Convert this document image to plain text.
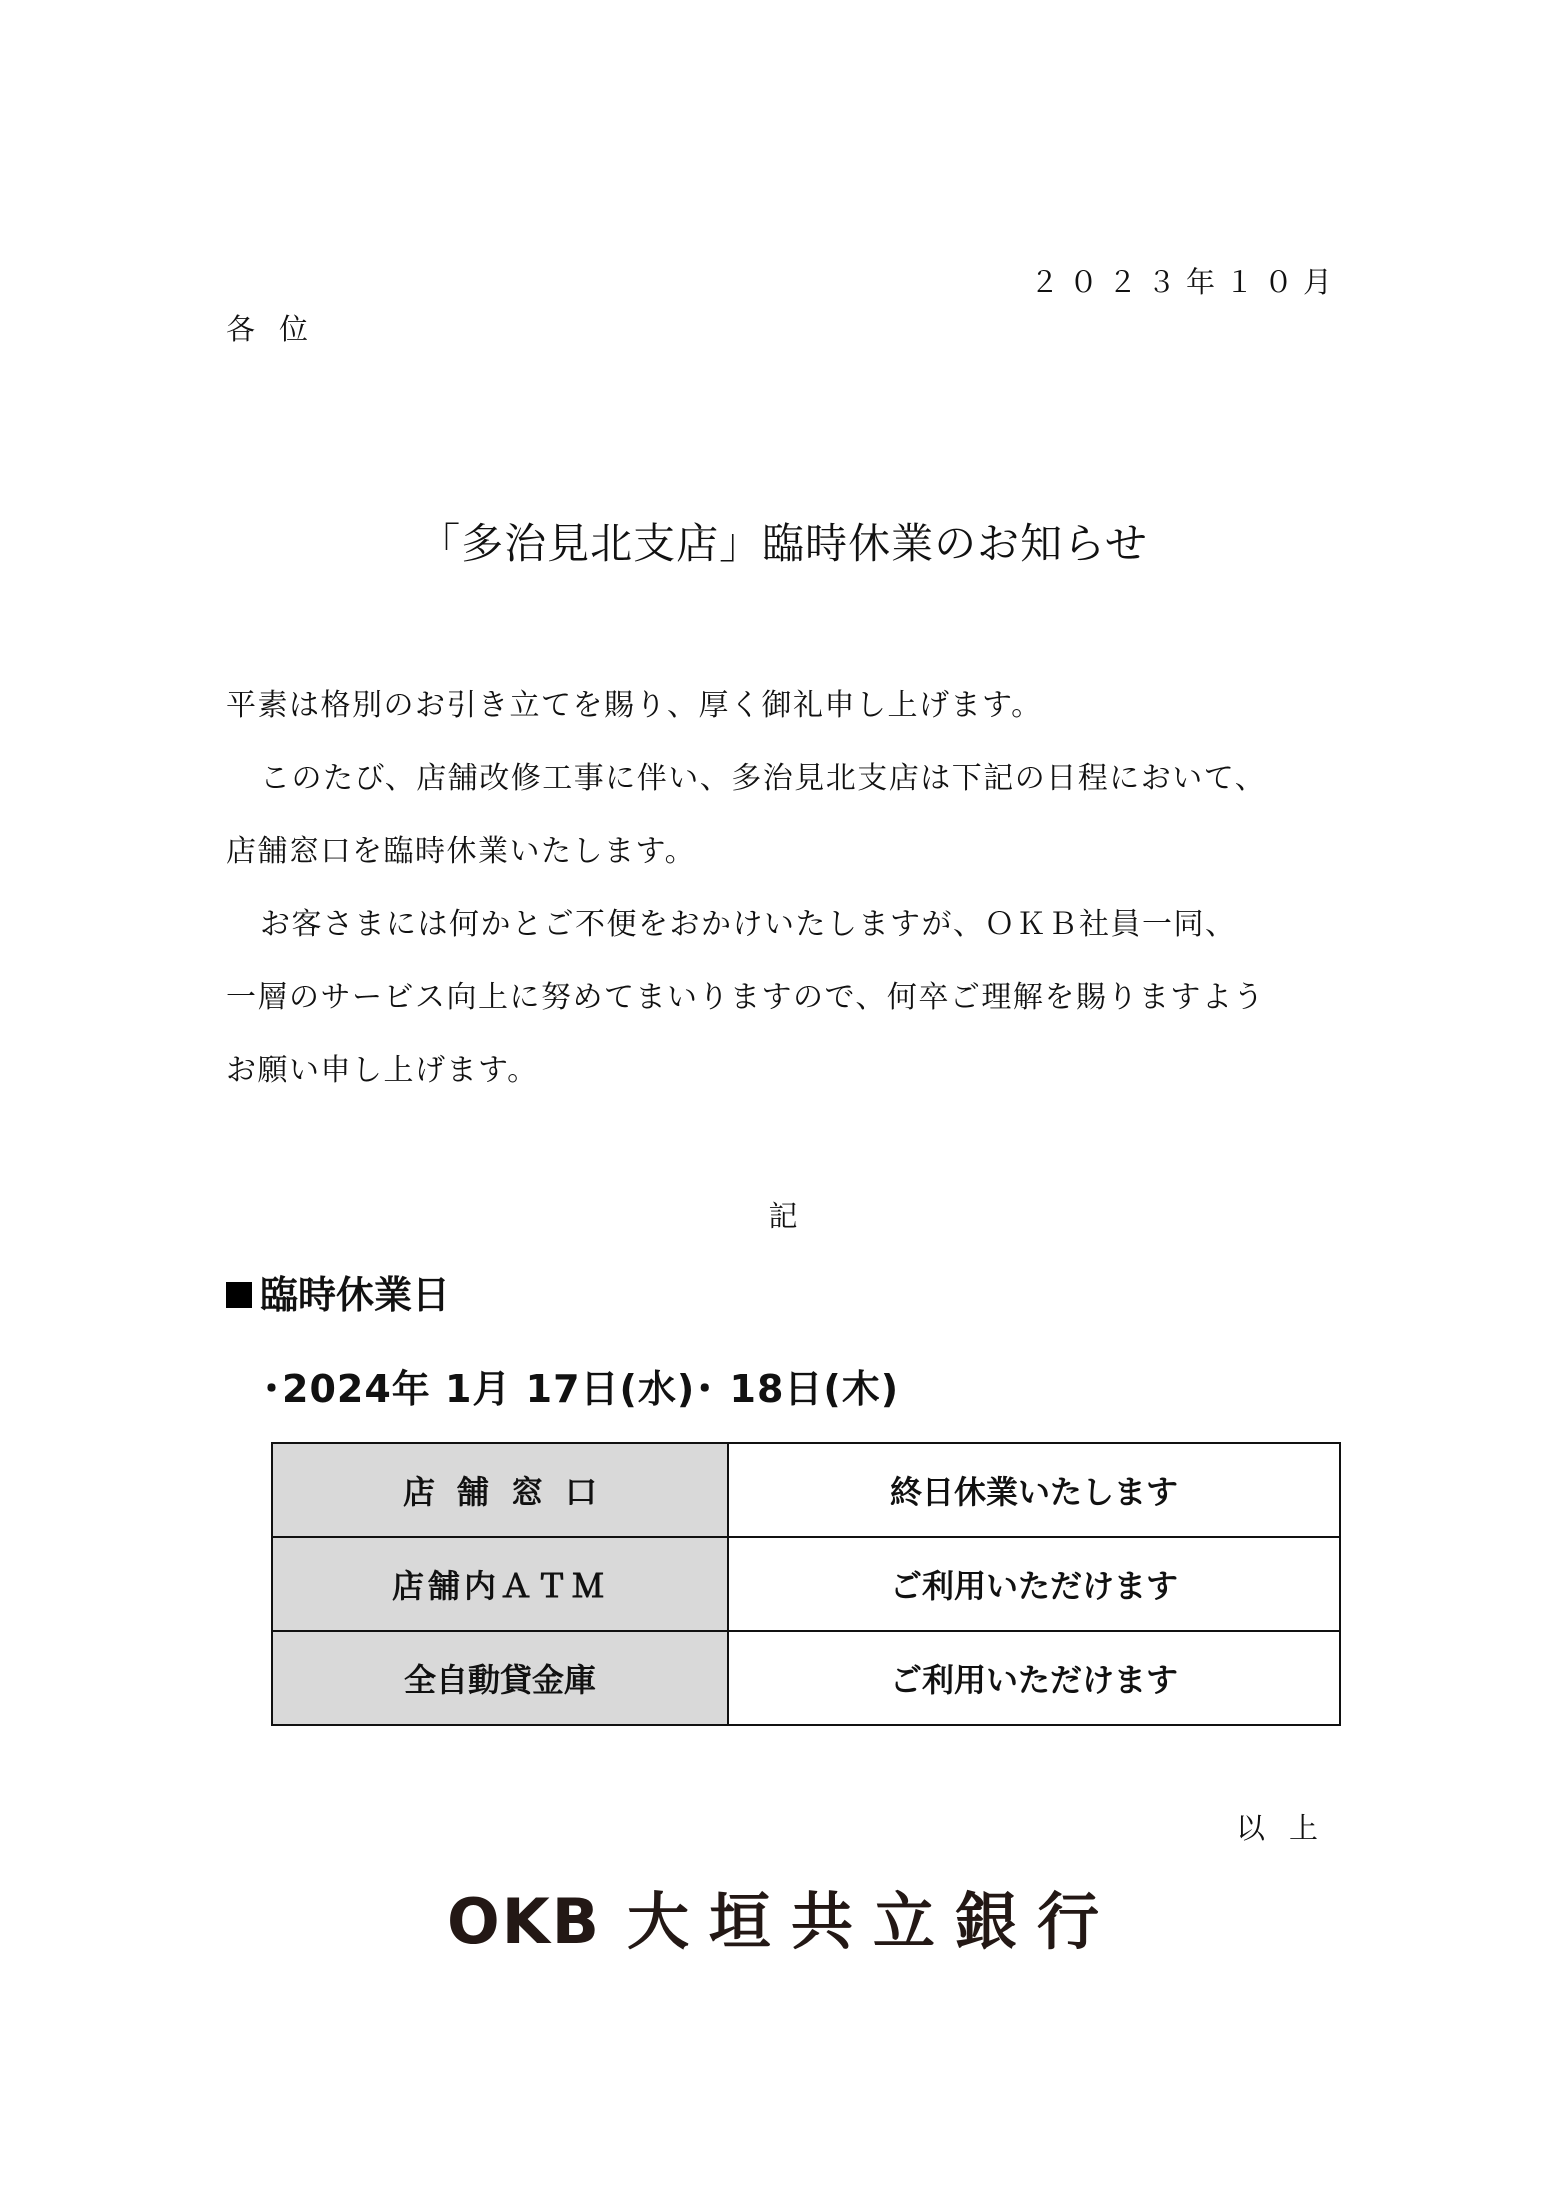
２０２３年１０月
各位
「多治見北支店」臨時休業のお知らせ
平素は格別のお引き立てを賜り、厚く御礼申し上げます。
このたび、店舗改修工事に伴い、多治見北支店は下記の日程において、
店舗窓口を臨時休業いたします。
お客さまには何かとご不便をおかけいたしますが、ＯＫＢ社員一同、
一層のサービス向上に努めてまいりますので、何卒ご理解を賜りますよう
お願い申し上げます。
記
臨時休業日
･2024年 1月 17日(水)･ 18日(木)
店舗窓口	終日休業いたします
店舗内ＡＴＭ	ご利用いただけます
全自動貸金庫	ご利用いただけます
以上
OKB 大垣共立銀行
